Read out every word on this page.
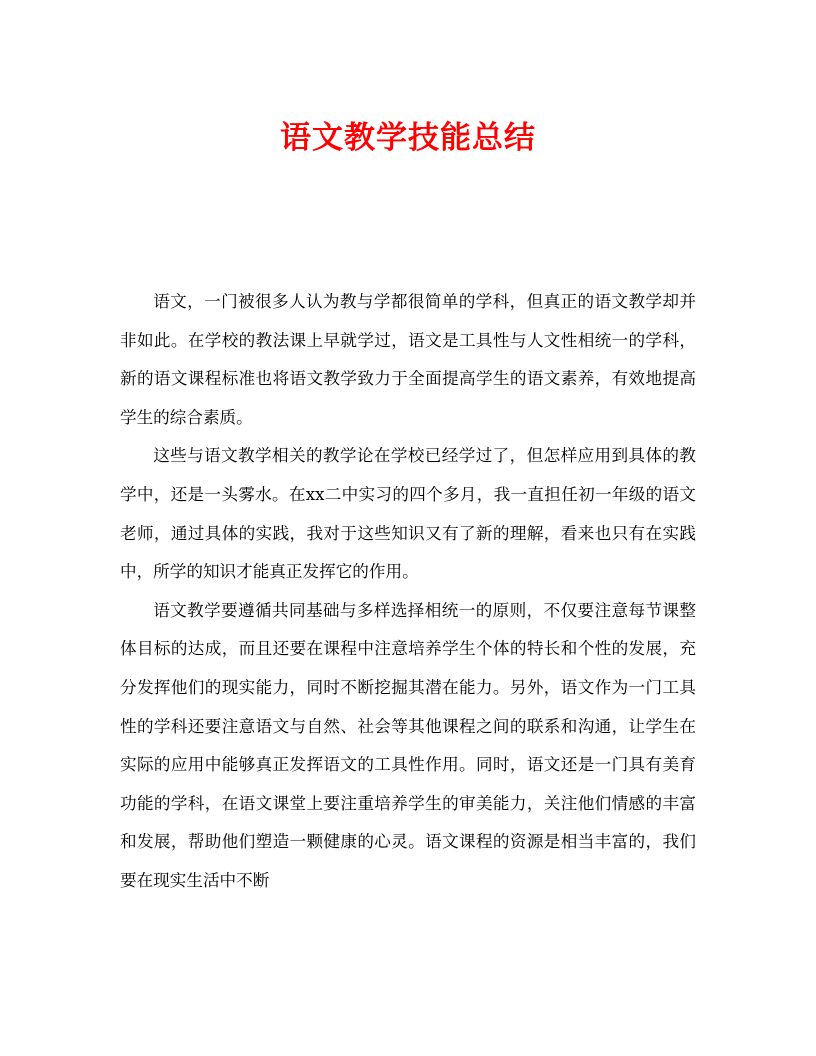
语文教学技能总结

语文，一门被很多人认为教与学都很简单的学科，但真正的语文教学却并非如此。在学校的教法课上早就学过，语文是工具性与人文性相统一的学科，新的语文课程标准也将语文教学致力于全面提高学生的语文素养，有效地提高学生的综合素质。

这些与语文教学相关的教学论在学校已经学过了，但怎样应用到具体的教学中，还是一头雾水。在xx二中实习的四个多月，我一直担任初一年级的语文老师，通过具体的实践，我对于这些知识又有了新的理解，看来也只有在实践中，所学的知识才能真正发挥它的作用。

语文教学要遵循共同基础与多样选择相统一的原则，不仅要注意每节课整体目标的达成，而且还要在课程中注意培养学生个体的特长和个性的发展，充分发挥他们的现实能力，同时不断挖掘其潜在能力。另外，语文作为一门工具性的学科还要注意语文与自然、社会等其他课程之间的联系和沟通，让学生在实际的应用中能够真正发挥语文的工具性作用。同时，语文还是一门具有美育功能的学科，在语文课堂上要注重培养学生的审美能力，关注他们情感的丰富和发展，帮助他们塑造一颗健康的心灵。语文课程的资源是相当丰富的，我们要在现实生活中不断
